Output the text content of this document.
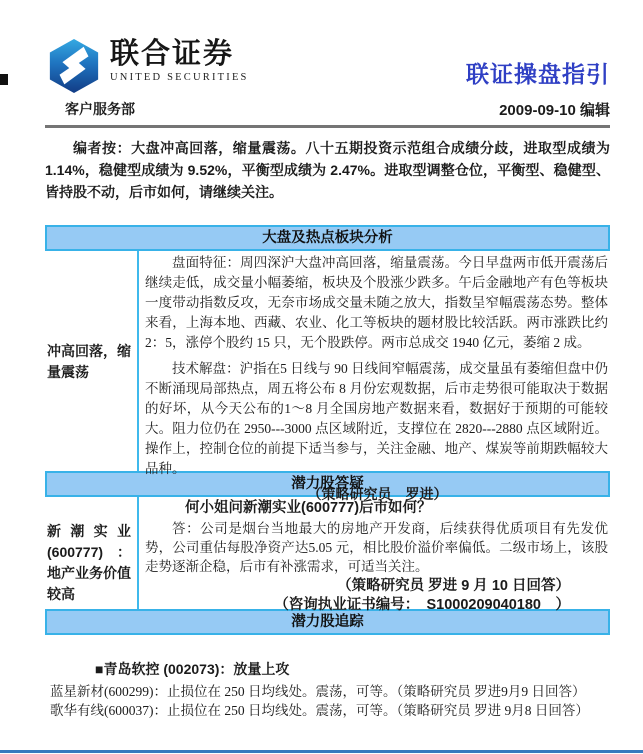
联合证券
UNITED SECURITIES	联证操盘指引
客户服务部	2009-09-10 编辑
编者按：大盘冲高回落，缩量震荡。八十五期投资示范组合成绩分歧，进取型成绩为1.14%，稳健型成绩为 9.52%，平衡型成绩为 2.47%。进取型调整仓位，平衡型、稳健型、皆持股不动，后市如何，请继续关注。
大盘及热点板块分析
冲高回落，缩量震荡
盘面特征：周四深沪大盘冲高回落，缩量震荡。今日早盘两市低开震荡后继续走低，成交量小幅萎缩，板块及个股涨少跌多。午后金融地产有色等板块一度带动指数反攻，无奈市场成交量未随之放大，指数呈窄幅震荡态势。整体来看，上海本地、西藏、农业、化工等板块的题材股比较活跃。两市涨跌比约 2：5，涨停个股约 15 只，无个股跌停。两市总成交 1940 亿元，萎缩 2 成。
技术解盘：沪指在5 日线与 90 日线间窄幅震荡，成交量虽有萎缩但盘中仍不断涌现局部热点，周五将公布 8 月份宏观数据，后市走势很可能取决于数据的好坏，从今天公布的1～8 月全国房地产数据来看，数据好于预期的可能较大。阻力位仍在 2950---3000 点区域附近，支撑位在 2820---2880 点区域附近。操作上，控制仓位的前提下适当参与，关注金融、地产、煤炭等前期跌幅较大品种。
（策略研究员　罗进）
潜力股答疑
新潮实业(600777)：地产业务价值较高
何小姐问新潮实业(600777)后市如何？
答：公司是烟台当地最大的房地产开发商，后续获得优质项目有先发优势，公司重估每股净资产达5.05 元，相比股价溢价率偏低。二级市场上，该股走势逐渐企稳，后市有补涨需求，可适当关注。
（策略研究员 罗进 9 月 10 日回答）
（咨询执业证书编号：　S1000209040180　）
潜力股追踪
■青岛软控 (002073)：放量上攻
蓝星新材(600299)：止损位在 250 日均线处。震荡，可等。（策略研究员 罗进9月9 日回答）
歌华有线(600037)：止损位在 250 日均线处。震荡，可等。（策略研究员 罗进 9月8 日回答）
